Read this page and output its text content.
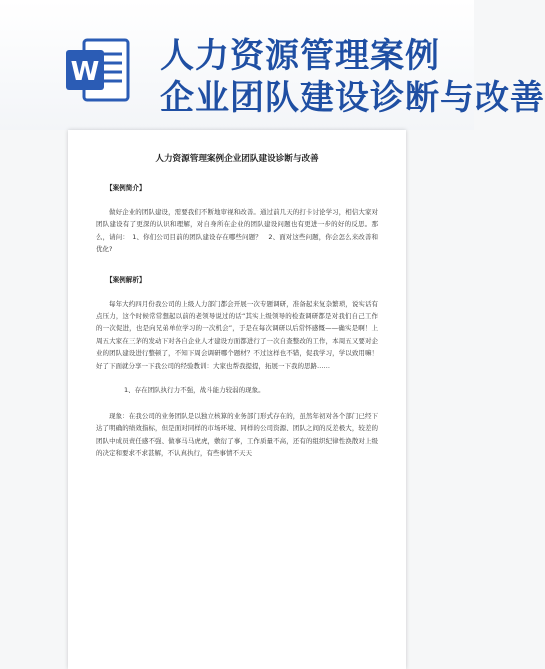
W 人力资源管理案例
企业团队建设诊断与改善
人力资源管理案例企业团队建设诊断与改善
【案例简介】
做好企业的团队建设，需要我们不断地审视和改善。通过前几天的打卡讨论学习，相信大家对团队建设有了更深的认识和理解，对自身所在企业的团队建设问题也有更进一步的好的反思。那么，请问：　1、你们公司目前的团队建设存在哪些问题？　2、面对这些问题，你会怎么来改善和优化?
【案例解析】
每年大约四月份我公司的上级人力部门都会开展一次专题调研，准备起来复杂繁琐，说实话有点压力，这个时候常常想起以前的老领导说过的话“其实上级领导的检查调研都是对我们自己工作的一次促进，也是向兄弟单位学习的一次机会”，于是在每次调研以后常怀感慨——确实是啊！上周五大家在三茅的发动下对各自企业人才建设方面都进行了一次自查整改的工作，本周五又要对企业的团队建设进行整顿了，不知下周会调研哪个题材？不过这样也不错，促我学习，学以致用嘛！好了下面就分享一下我公司的经验教训：大家也帮我提提，拓展一下我的思路……
1、存在团队执行力不强，战斗能力较弱的现象。
现象：在我公司的业务团队是以独立核算的业务部门形式存在的，虽然年初对各个部门已经下达了明确的绩效指标，但是面对同样的市场环境、同样的公司资源、团队之间的反差极大，较差的团队中成员责任感不强、做事马马虎虎，敷衍了事，工作质量不高，还有的组织纪律性涣散对上级的决定和要求不求甚解，不认真执行，有些事情不天天
